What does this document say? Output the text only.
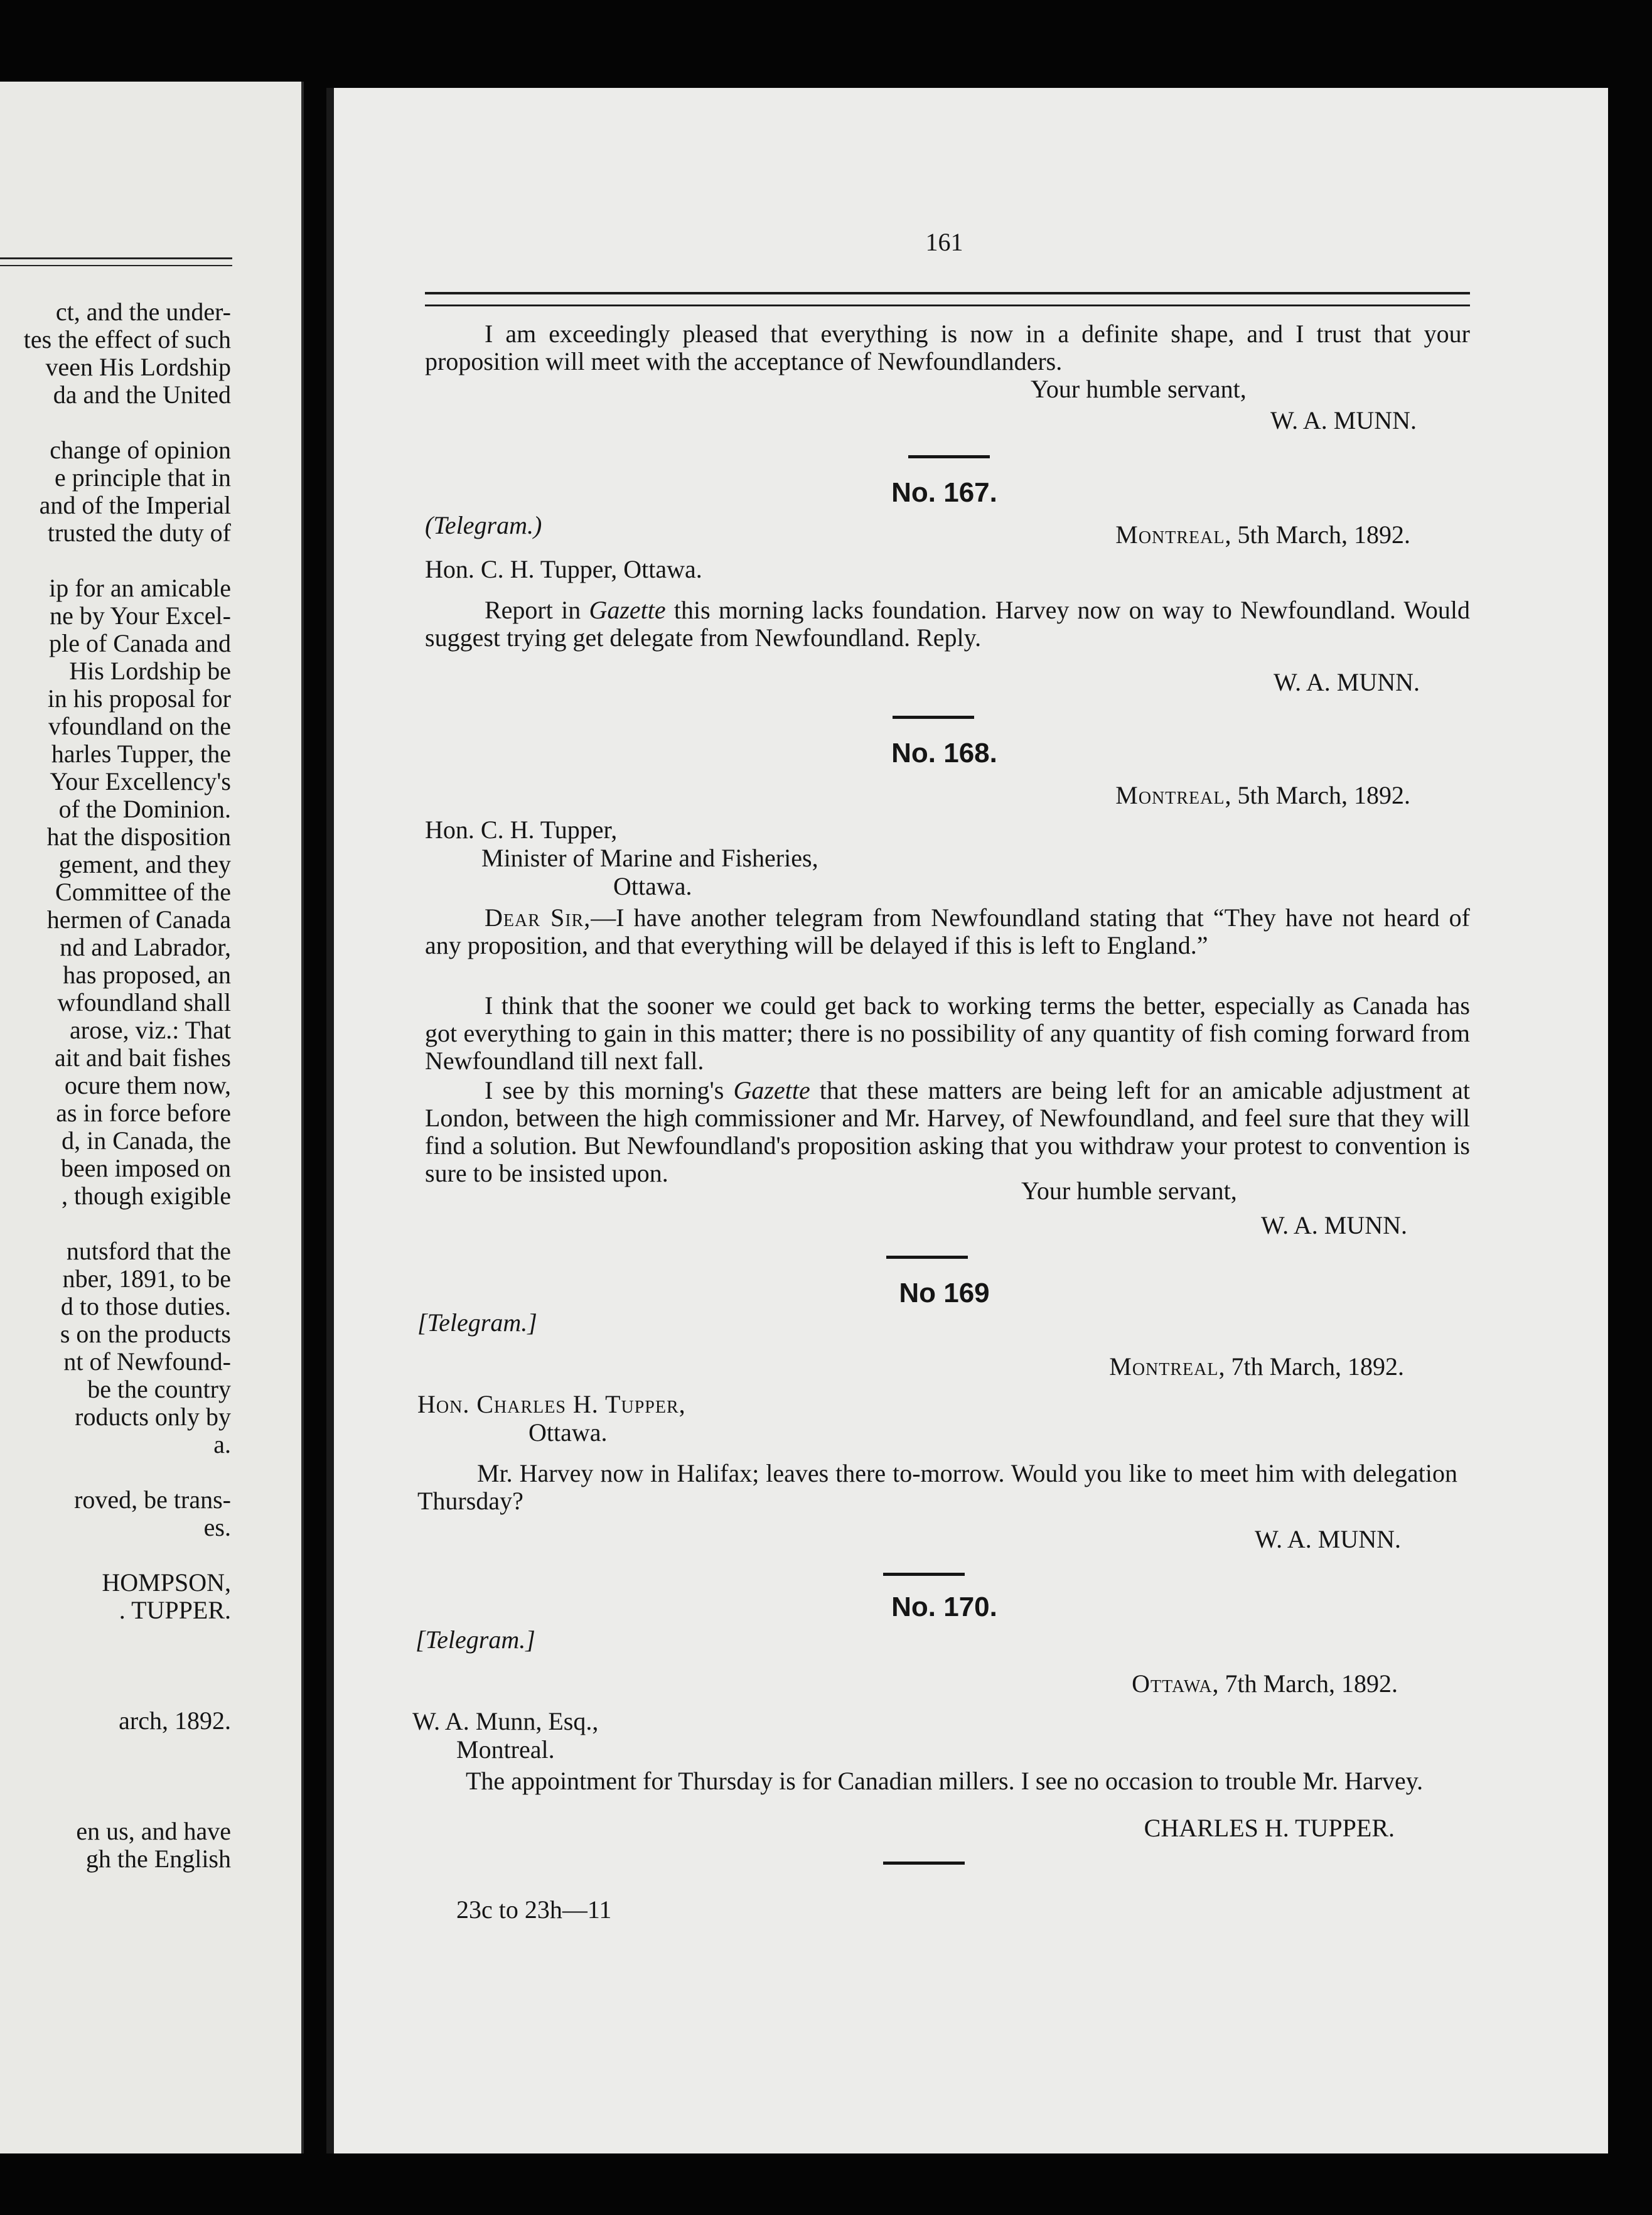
ct, and the under-
tes the effect of such
veen His Lordship
da and the United
change of opinion
e principle that in
and of the Imperial
trusted the duty of
ip for an amicable
ne by Your Excel-
ple of Canada and
His Lordship be
in his proposal for
vfoundland on the
harles Tupper, the
Your Excellency's
of the Dominion.
hat the disposition
gement, and they
Committee of the
hermen of Canada
nd and Labrador,
has proposed, an
wfoundland shall
arose, viz.: That
ait and bait fishes
ocure them now,
as in force before
d, in Canada, the
been imposed on
, though exigible
nutsford that the
nber, 1891, to be
d to those duties.
s on the products
nt of Newfound-
be the country
roducts only by
a.
roved, be trans-
es.
HOMPSON,
. TUPPER.
arch, 1892.
en us, and have
gh the English
161
I am exceedingly pleased that everything is now in a definite shape, and I trust that your proposition will meet with the acceptance of Newfoundlanders.
Your humble servant,
W. A. MUNN.
No. 167.
(Telegram.)	Montreal, 5th March, 1892.
Hon. C. H. Tupper, Ottawa.
Report in Gazette this morning lacks foundation. Harvey now on way to Newfoundland. Would suggest trying get delegate from Newfoundland. Reply.
W. A. MUNN.
No. 168.
Montreal, 5th March, 1892.
Hon. C. H. Tupper,
Minister of Marine and Fisheries,
Ottawa.
Dear Sir,—I have another telegram from Newfoundland stating that “They have not heard of any proposition, and that everything will be delayed if this is left to England.”
I think that the sooner we could get back to working terms the better, especially as Canada has got everything to gain in this matter; there is no possibility of any quantity of fish coming forward from Newfoundland till next fall.
I see by this morning's Gazette that these matters are being left for an amicable adjustment at London, between the high commissioner and Mr. Harvey, of Newfoundland, and feel sure that they will find a solution. But Newfoundland's proposition asking that you withdraw your protest to convention is sure to be insisted upon.
Your humble servant,
W. A. MUNN.
No 169
[Telegram.]
Montreal, 7th March, 1892.
Hon. Charles H. Tupper,
Ottawa.
Mr. Harvey now in Halifax; leaves there to-morrow. Would you like to meet him with delegation Thursday?
W. A. MUNN.
No. 170.
[Telegram.]
Ottawa, 7th March, 1892.
W. A. Munn, Esq.,
Montreal.
The appointment for Thursday is for Canadian millers. I see no occasion to trouble Mr. Harvey.
CHARLES H. TUPPER.
23c to 23h—11
